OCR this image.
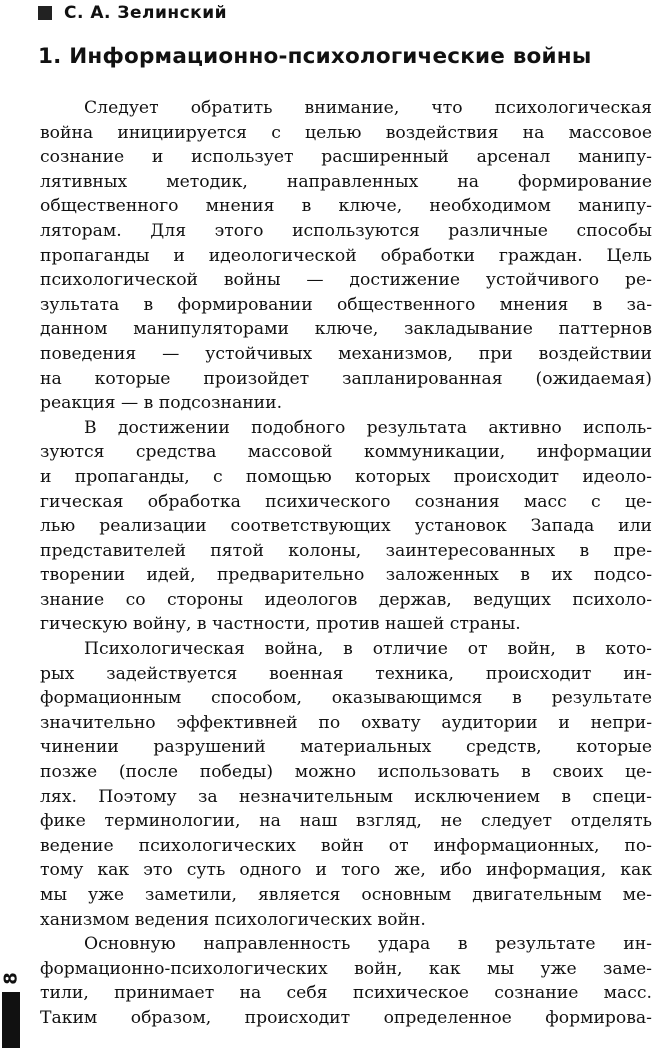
С. А. Зелинский
1. Информационно-психологические войны
Следует обратить внимание, что психологическая
война инициируется с целью воздействия на массовое
сознание и использует расширенный арсенал манипу-
лятивных методик, направленных на формирование
общественного мнения в ключе, необходимом манипу-
ляторам. Для этого используются различные способы
пропаганды и идеологической обработки граждан. Цель
психологической войны — достижение устойчивого ре-
зультата в формировании общественного мнения в за-
данном манипуляторами ключе, закладывание паттернов
поведения — устойчивых механизмов, при воздействии
на которые произойдет запланированная (ожидаемая)
реакция — в подсознании.
В достижении подобного результата активно исполь-
зуются средства массовой коммуникации, информации
и пропаганды, с помощью которых происходит идеоло-
гическая обработка психического сознания масс с це-
лью реализации соответствующих установок Запада или
представителей пятой колоны, заинтересованных в пре-
творении идей, предварительно заложенных в их подсо-
знание со стороны идеологов держав, ведущих психоло-
гическую войну, в частности, против нашей страны.
Психологическая война, в отличие от войн, в кото-
рых задействуется военная техника, происходит ин-
формационным способом, оказывающимся в результате
значительно эффективней по охвату аудитории и непри-
чинении разрушений материальных средств, которые
позже (после победы) можно использовать в своих це-
лях. Поэтому за незначительным исключением в специ-
фике терминологии, на наш взгляд, не следует отделять
ведение психологических войн от информационных, по-
тому как это суть одного и того же, ибо информация, как
мы уже заметили, является основным двигательным ме-
ханизмом ведения психологических войн.
Основную направленность удара в результате ин-
формационно-психологических войн, как мы уже заме-
тили, принимает на себя психическое сознание масс.
Таким образом, происходит определенное формирова-
8
